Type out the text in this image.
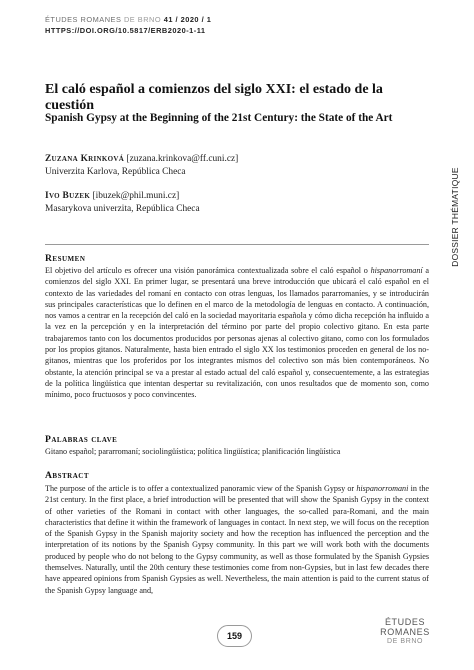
ÉTUDES ROMANES DE BRNO 41 / 2020 / 1
HTTPS://DOI.ORG/10.5817/ERB2020-1-11
El caló español a comienzos del siglo XXI: el estado de la cuestión
Spanish Gypsy at the Beginning of the 21st Century: the State of the Art
Zuzana Krinková [zuzana.krinkova@ff.cuni.cz]
Univerzita Karlova, República Checa
Ivo Buzek [ibuzek@phil.muni.cz]
Masarykova univerzita, República Checa	DOSSIER THÉMATIQUE
Resumen
El objetivo del artículo es ofrecer una visión panorámica contextualizada sobre el caló español o hispanorromaní a comienzos del siglo XXI. En primer lugar, se presentará una breve introducción que ubicará el caló español en el contexto de las variedades del romaní en contacto con otras lenguas, los llamados pararromaníes, y se introducirán sus principales características que lo definen en el marco de la metodología de lenguas en contacto. A continuación, nos vamos a centrar en la recepción del caló en la sociedad mayoritaria española y cómo dicha recepción ha influido a la vez en la percepción y en la interpretación del término por parte del propio colectivo gitano. En esta parte trabajaremos tanto con los documentos producidos por personas ajenas al colectivo gitano, como con los formulados por los propios gitanos. Naturalmente, hasta bien entrado el siglo XX los testimonios proceden en general de los no-gitanos, mientras que los proferidos por los integrantes mismos del colectivo son más bien contemporáneos. No obstante, la atención principal se va a prestar al estado actual del caló español y, consecuentemente, a las estrategias de la política lingüística que intentan despertar su revitalización, con unos resultados que de momento son, como mínimo, poco fructuosos y poco convincentes.
Palabras clave
Gitano español; pararromaní; sociolingüística; política lingüística; planificación lingüística
Abstract
The purpose of the article is to offer a contextualized panoramic view of the Spanish Gypsy or hispanorromani in the 21st century. In the first place, a brief introduction will be presented that will show the Spanish Gypsy in the context of other varieties of the Romani in contact with other languages, the so-called para-Romani, and the main characteristics that define it within the framework of languages in contact. In next step, we will focus on the reception of the Spanish Gypsy in the Spanish majority society and how the reception has influenced the perception and the interpretation of its notions by the Spanish Gypsy community. In this part we will work both with the documents produced by people who do not belong to the Gypsy community, as well as those formulated by the Spanish Gypsies themselves. Naturally, until the 20th century these testimonies come from non-Gypsies, but in last few decades there have appeared opinions from Spanish Gypsies as well. Nevertheless, the main attention is paid to the current status of the Spanish Gypsy language and,
159
ÉTUDES
ROMANES
DE BRNO
